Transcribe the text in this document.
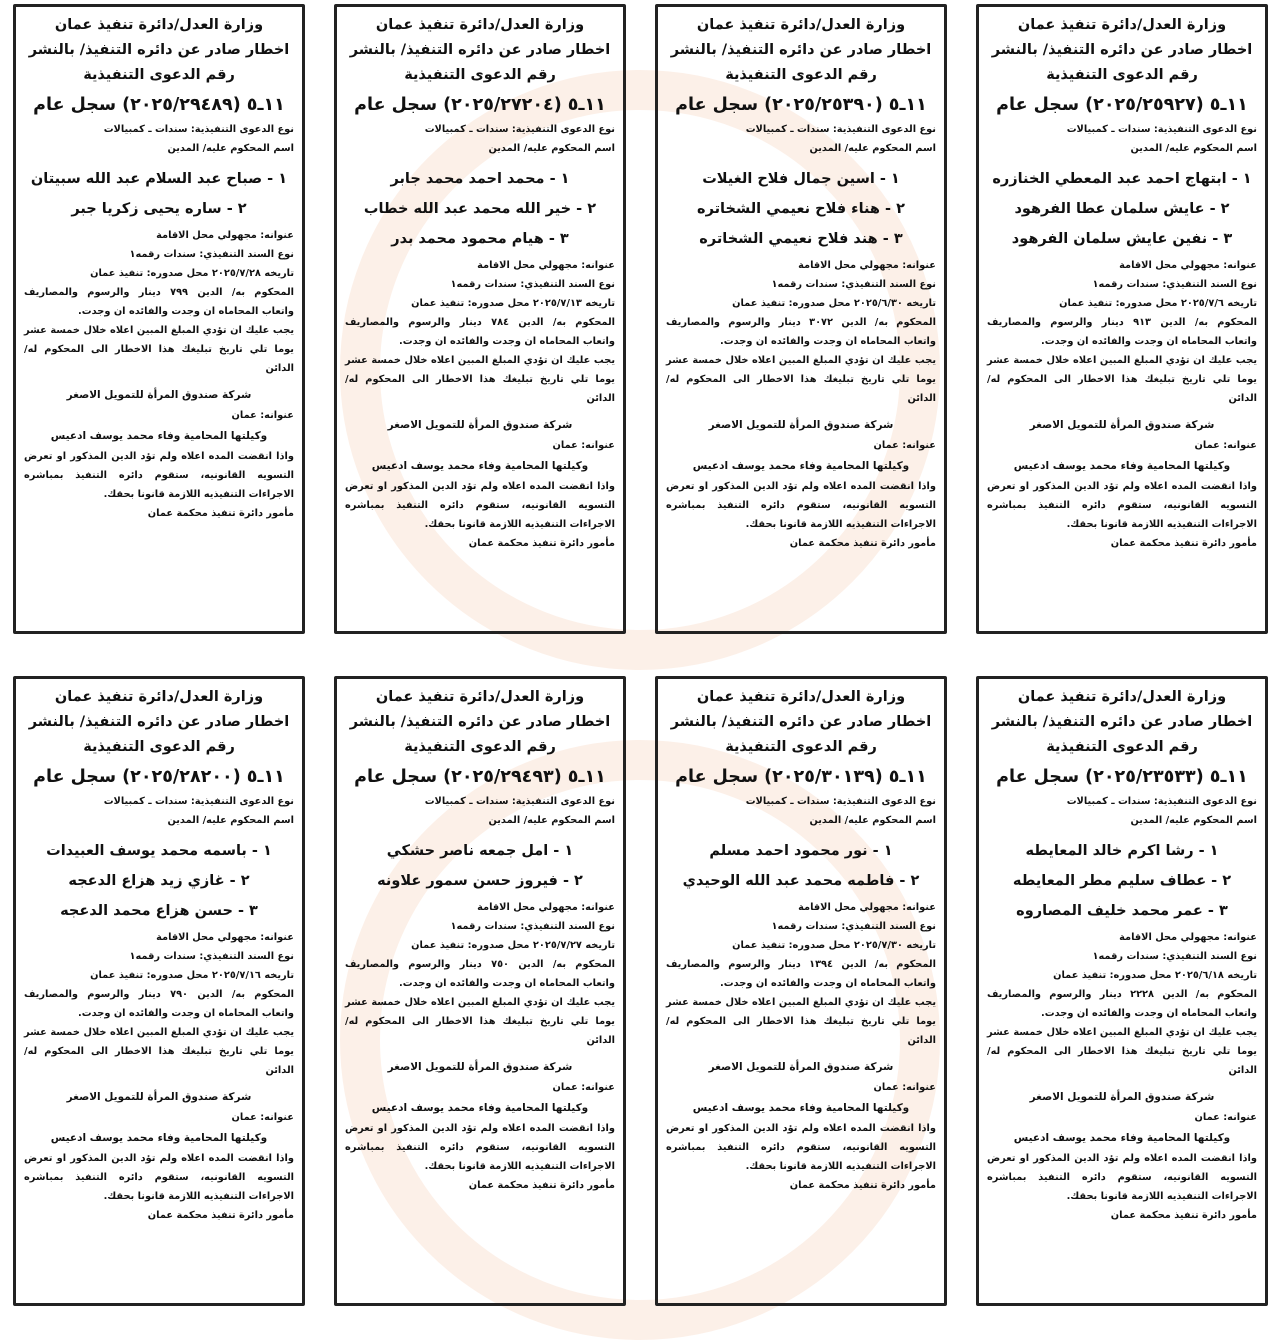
وزارة العدل/دائرة تنفيذ عمان
اخطار صادر عن دائره التنفيذ/ بالنشر
رقم الدعوى التنفيذية
١١ـ٥ (٢٠٢٥/٢٥٩٢٧) سجل عام
نوع الدعوى التنفيذية: سندات ـ كمبيالات
اسم المحكوم عليه/ المدين
١ - ابتهاج احمد عبد المعطي الخنازره
٢ - عايش سلمان عطا الفرهود
٣ - نفين عايش سلمان الفرهود
عنوانه: مجهولي محل الاقامة
نوع السند التنفيذي: سندات رقمه١
تاريخه ٢٠٢٥/٧/٦ محل صدوره: تنفيذ عمان
المحكوم به/ الدين ٩١٣ دينار والرسوم والمصاريف واتعاب المحاماه ان وجدت والفائده ان وجدت.
يجب عليك ان تؤدي المبلغ المبين اعلاه خلال خمسة عشر يوما تلي تاريخ تبليغك هذا الاخطار الى المحكوم له/ الدائن
شركة صندوق المرأة للتمويل الاصغر
عنوانه: عمان
وكيلتها المحامية وفاء محمد يوسف ادعيس
واذا انقضت المده اعلاه ولم تؤد الدين المذكور او تعرض التسويه القانونيه، ستقوم دائره التنفيذ بمباشره الاجراءات التنفيذيه اللازمة قانونا بحقك.
مأمور دائرة تنفيذ محكمة عمان
وزارة العدل/دائرة تنفيذ عمان
اخطار صادر عن دائره التنفيذ/ بالنشر
رقم الدعوى التنفيذية
١١ـ٥ (٢٠٢٥/٢٥٣٩٠) سجل عام
نوع الدعوى التنفيذية: سندات ـ كمبيالات
اسم المحكوم عليه/ المدين
١ - اسين جمال فلاح الغيلات
٢ - هناء فلاح نعيمي الشخاتره
٣ - هند فلاح نعيمي الشخاتره
عنوانه: مجهولي محل الاقامة
نوع السند التنفيذي: سندات رقمه١
تاريخه ٢٠٢٥/٦/٣٠ محل صدوره: تنفيذ عمان
المحكوم به/ الدين ٣٠٧٢ دينار والرسوم والمصاريف واتعاب المحاماه ان وجدت والفائده ان وجدت.
يجب عليك ان تؤدي المبلغ المبين اعلاه خلال خمسة عشر يوما تلي تاريخ تبليغك هذا الاخطار الى المحكوم له/ الدائن
شركة صندوق المرأة للتمويل الاصغر
عنوانه: عمان
وكيلتها المحامية وفاء محمد يوسف ادعيس
واذا انقضت المده اعلاه ولم تؤد الدين المذكور او تعرض التسويه القانونيه، ستقوم دائره التنفيذ بمباشره الاجراءات التنفيذيه اللازمة قانونا بحقك.
مأمور دائرة تنفيذ محكمة عمان
وزارة العدل/دائرة تنفيذ عمان
اخطار صادر عن دائره التنفيذ/ بالنشر
رقم الدعوى التنفيذية
١١ـ٥ (٢٠٢٥/٢٧٢٠٤) سجل عام
نوع الدعوى التنفيذية: سندات ـ كمبيالات
اسم المحكوم عليه/ المدين
١ - محمد احمد محمد جابر
٢ - خير الله محمد عبد الله خطاب
٣ - هيام محمود محمد بدر
عنوانه: مجهولي محل الاقامة
نوع السند التنفيذي: سندات رقمه١
تاريخه ٢٠٢٥/٧/١٣ محل صدوره: تنفيذ عمان
المحكوم به/ الدين ٧٨٤ دينار والرسوم والمصاريف واتعاب المحاماه ان وجدت والفائده ان وجدت.
يجب عليك ان تؤدي المبلغ المبين اعلاه خلال خمسة عشر يوما تلي تاريخ تبليغك هذا الاخطار الى المحكوم له/ الدائن
شركة صندوق المرأة للتمويل الاصغر
عنوانه: عمان
وكيلتها المحامية وفاء محمد يوسف ادعيس
واذا انقضت المده اعلاه ولم تؤد الدين المذكور او تعرض التسويه القانونيه، ستقوم دائره التنفيذ بمباشره الاجراءات التنفيذيه اللازمة قانونا بحقك.
مأمور دائرة تنفيذ محكمة عمان
وزارة العدل/دائرة تنفيذ عمان
اخطار صادر عن دائره التنفيذ/ بالنشر
رقم الدعوى التنفيذية
١١ـ٥ (٢٠٢٥/٢٩٤٨٩) سجل عام
نوع الدعوى التنفيذية: سندات ـ كمبيالات
اسم المحكوم عليه/ المدين
١ - صباح عبد السلام عبد الله سبيتان
٢ - ساره يحيى زكريا جبر
عنوانه: مجهولي محل الاقامة
نوع السند التنفيذي: سندات رقمه١
تاريخه ٢٠٢٥/٧/٢٨ محل صدوره: تنفيذ عمان
المحكوم به/ الدين ٧٩٩ دينار والرسوم والمصاريف واتعاب المحاماه ان وجدت والفائده ان وجدت.
يجب عليك ان تؤدي المبلغ المبين اعلاه خلال خمسة عشر يوما تلي تاريخ تبليغك هذا الاخطار الى المحكوم له/ الدائن
شركة صندوق المرأة للتمويل الاصغر
عنوانه: عمان
وكيلتها المحامية وفاء محمد يوسف ادعيس
واذا انقضت المده اعلاه ولم تؤد الدين المذكور او تعرض التسويه القانونيه، ستقوم دائره التنفيذ بمباشره الاجراءات التنفيذيه اللازمة قانونا بحقك.
مأمور دائرة تنفيذ محكمة عمان
وزارة العدل/دائرة تنفيذ عمان
اخطار صادر عن دائره التنفيذ/ بالنشر
رقم الدعوى التنفيذية
١١ـ٥ (٢٠٢٥/٢٣٥٣٣) سجل عام
نوع الدعوى التنفيذية: سندات ـ كمبيالات
اسم المحكوم عليه/ المدين
١ - رشا اكرم خالد المعايطه
٢ - عطاف سليم مطر المعايطه
٣ - عمر محمد خليف المصاروه
عنوانه: مجهولي محل الاقامة
نوع السند التنفيذي: سندات رقمه١
تاريخه ٢٠٢٥/٦/١٨ محل صدوره: تنفيذ عمان
المحكوم به/ الدين ٢٢٢٨ دينار والرسوم والمصاريف واتعاب المحاماه ان وجدت والفائده ان وجدت.
يجب عليك ان تؤدي المبلغ المبين اعلاه خلال خمسة عشر يوما تلي تاريخ تبليغك هذا الاخطار الى المحكوم له/ الدائن
شركة صندوق المرأة للتمويل الاصغر
عنوانه: عمان
وكيلتها المحامية وفاء محمد يوسف ادعيس
واذا انقضت المده اعلاه ولم تؤد الدين المذكور او تعرض التسويه القانونيه، ستقوم دائره التنفيذ بمباشره الاجراءات التنفيذيه اللازمة قانونا بحقك.
مأمور دائرة تنفيذ محكمة عمان
وزارة العدل/دائرة تنفيذ عمان
اخطار صادر عن دائره التنفيذ/ بالنشر
رقم الدعوى التنفيذية
١١ـ٥ (٢٠٢٥/٣٠١٣٩) سجل عام
نوع الدعوى التنفيذية: سندات ـ كمبيالات
اسم المحكوم عليه/ المدين
١ - نور محمود احمد مسلم
٢ - فاطمه محمد عبد الله الوحيدي
عنوانه: مجهولي محل الاقامة
نوع السند التنفيذي: سندات رقمه١
تاريخه ٢٠٢٥/٧/٣٠ محل صدوره: تنفيذ عمان
المحكوم به/ الدين ١٣٩٤ دينار والرسوم والمصاريف واتعاب المحاماه ان وجدت والفائده ان وجدت.
يجب عليك ان تؤدي المبلغ المبين اعلاه خلال خمسة عشر يوما تلي تاريخ تبليغك هذا الاخطار الى المحكوم له/ الدائن
شركة صندوق المرأة للتمويل الاصغر
عنوانه: عمان
وكيلتها المحامية وفاء محمد يوسف ادعيس
واذا انقضت المده اعلاه ولم تؤد الدين المذكور او تعرض التسويه القانونيه، ستقوم دائره التنفيذ بمباشره الاجراءات التنفيذيه اللازمة قانونا بحقك.
مأمور دائرة تنفيذ محكمة عمان
وزارة العدل/دائرة تنفيذ عمان
اخطار صادر عن دائره التنفيذ/ بالنشر
رقم الدعوى التنفيذية
١١ـ٥ (٢٠٢٥/٢٩٤٩٣) سجل عام
نوع الدعوى التنفيذية: سندات ـ كمبيالات
اسم المحكوم عليه/ المدين
١ - امل جمعه ناصر حشكي
٢ - فيروز حسن سمور علاونه
عنوانه: مجهولي محل الاقامة
نوع السند التنفيذي: سندات رقمه١
تاريخه ٢٠٢٥/٧/٢٧ محل صدوره: تنفيذ عمان
المحكوم به/ الدين ٧٥٠ دينار والرسوم والمصاريف واتعاب المحاماه ان وجدت والفائده ان وجدت.
يجب عليك ان تؤدي المبلغ المبين اعلاه خلال خمسة عشر يوما تلي تاريخ تبليغك هذا الاخطار الى المحكوم له/ الدائن
شركة صندوق المرأة للتمويل الاصغر
عنوانه: عمان
وكيلتها المحامية وفاء محمد يوسف ادعيس
واذا انقضت المده اعلاه ولم تؤد الدين المذكور او تعرض التسويه القانونيه، ستقوم دائره التنفيذ بمباشره الاجراءات التنفيذيه اللازمة قانونا بحقك.
مأمور دائرة تنفيذ محكمة عمان
وزارة العدل/دائرة تنفيذ عمان
اخطار صادر عن دائره التنفيذ/ بالنشر
رقم الدعوى التنفيذية
١١ـ٥ (٢٠٢٥/٢٨٢٠٠) سجل عام
نوع الدعوى التنفيذية: سندات ـ كمبيالات
اسم المحكوم عليه/ المدين
١ - باسمه محمد يوسف العبيدات
٢ - غازي زيد هزاع الدعجه
٣ - حسن هزاع محمد الدعجه
عنوانه: مجهولي محل الاقامة
نوع السند التنفيذي: سندات رقمه١
تاريخه ٢٠٢٥/٧/١٦ محل صدوره: تنفيذ عمان
المحكوم به/ الدين ٧٩٠ دينار والرسوم والمصاريف واتعاب المحاماه ان وجدت والفائده ان وجدت.
يجب عليك ان تؤدي المبلغ المبين اعلاه خلال خمسة عشر يوما تلي تاريخ تبليغك هذا الاخطار الى المحكوم له/ الدائن
شركة صندوق المرأة للتمويل الاصغر
عنوانه: عمان
وكيلتها المحامية وفاء محمد يوسف ادعيس
واذا انقضت المده اعلاه ولم تؤد الدين المذكور او تعرض التسويه القانونيه، ستقوم دائره التنفيذ بمباشره الاجراءات التنفيذيه اللازمة قانونا بحقك.
مأمور دائرة تنفيذ محكمة عمان
